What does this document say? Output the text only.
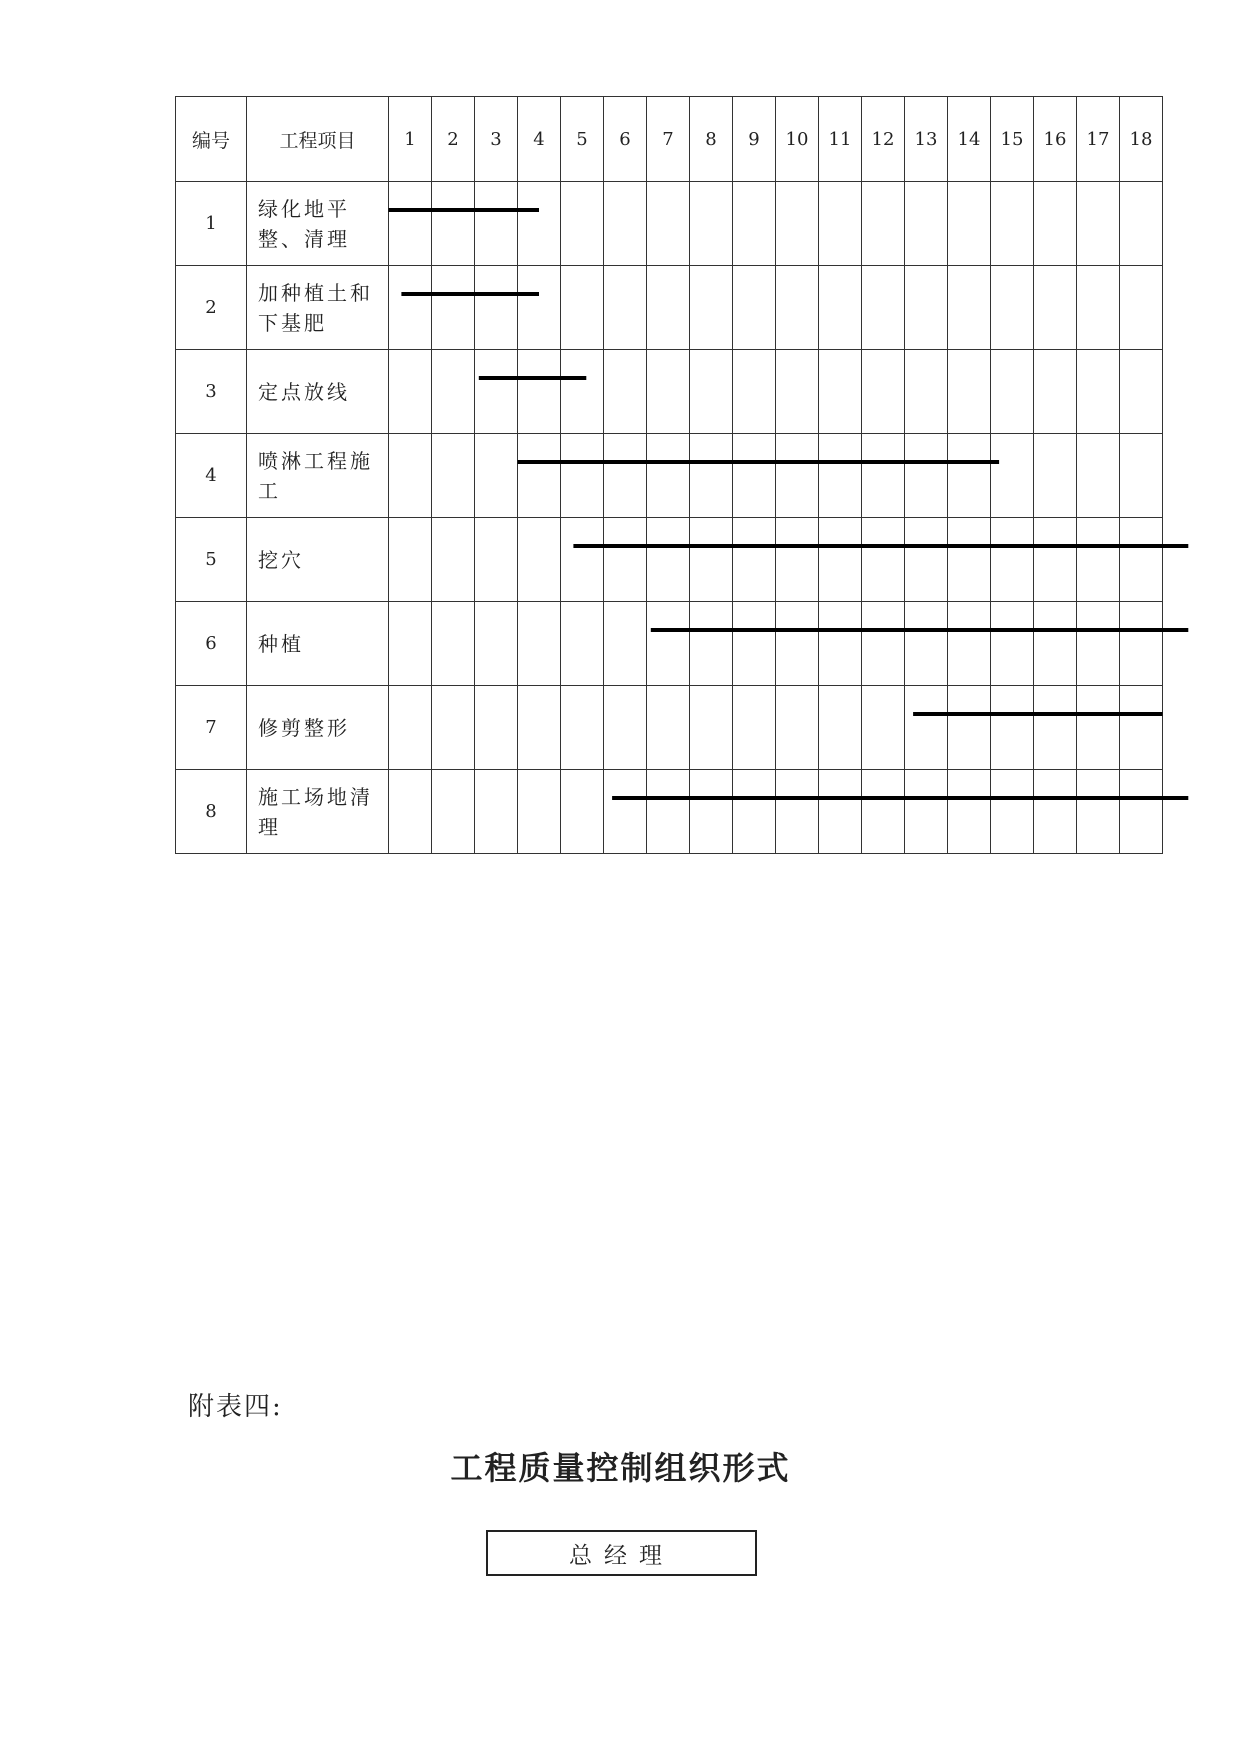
编号	工程项目	1	2	3	4	5	6	7	8	9	10	11	12	13	14	15	16	17	18
1	绿化地平整、清理																		
2	加种植土和下基肥																		
3	定点放线																		
4	喷淋工程施工																		
5	挖穴																		
6	种植																		
7	修剪整形																		
8	施工场地清理																		
附表四:
工程质量控制组织形式
总经理
